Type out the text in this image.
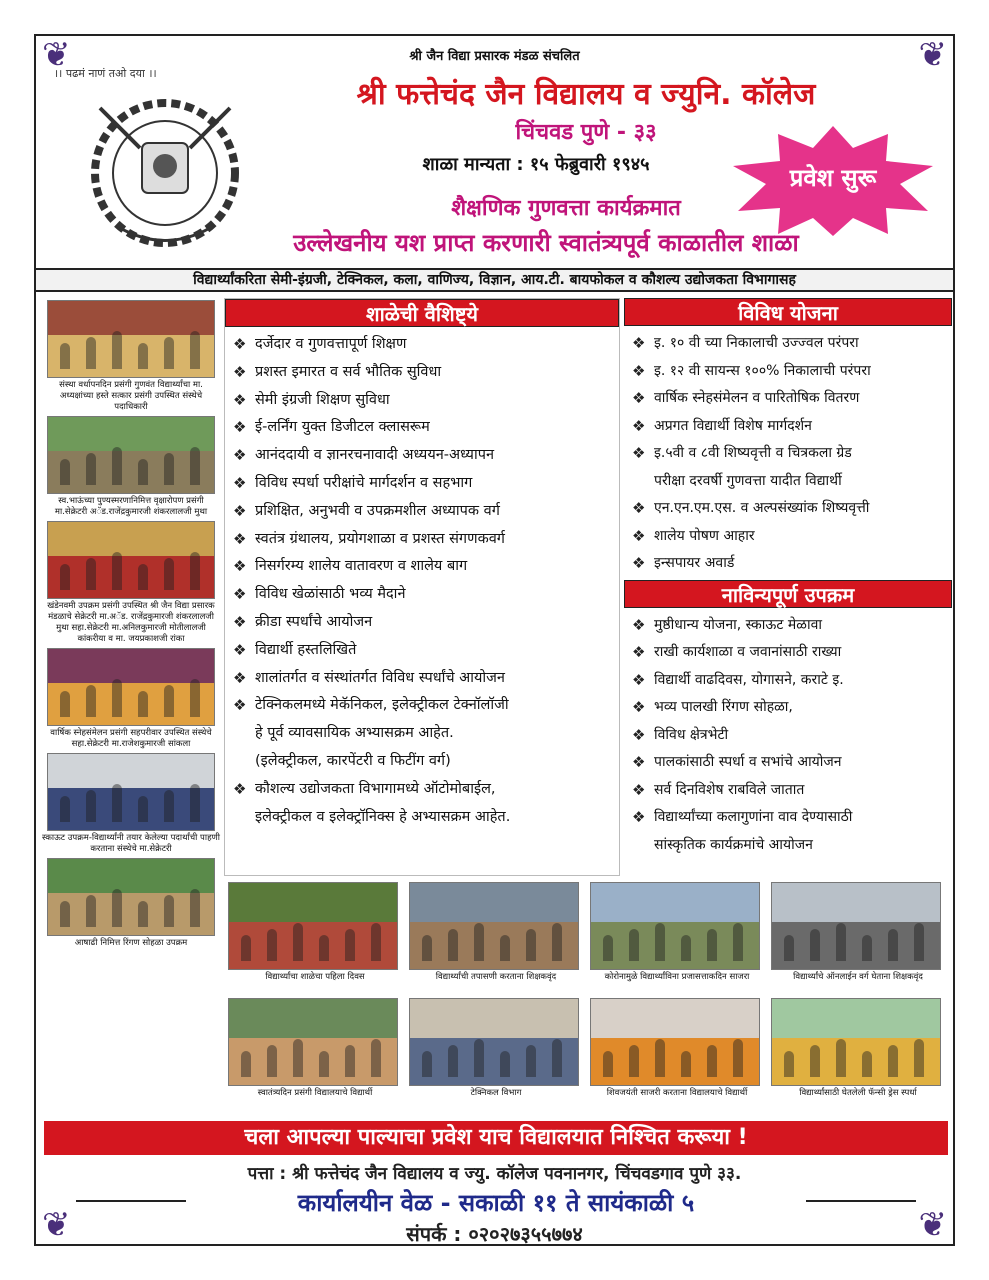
❦	❦
❦	❦
श्री जैन विद्या प्रसारक मंडळ संचलित
।। पढमं नाणं तओ दया ।।
श्री फत्तेचंद जैन विद्यालय व ज्युनि. कॉलेज
चिंचवड पुणे - ३३
शाळा मान्यता : १५ फेब्रुवारी १९४५	प्रवेश सुरू
शैक्षणिक गुणवत्ता कार्यक्रमात
उल्लेखनीय यश प्राप्त करणारी स्वातंत्र्यपूर्व काळातील शाळा
विद्यार्थ्यांकरिता सेमी-इंग्रजी, टेक्निकल, कला, वाणिज्य, विज्ञान, आय.टी. बायफोकल व कौशल्य उद्योजकता विभागासह
संस्था वर्धापनदिन प्रसंगी गुणवंत विद्यार्थ्यांचा मा. अध्यक्षांच्या हस्ते सत्कार प्रसंगी उपस्थित संस्थेचे पदाधिकारी
स्व.भाऊंच्या पुण्यस्मरणानिमित्त वृक्षारोपण प्रसंगी मा.सेक्रेटरी अॅड.राजेंद्रकुमारजी शंकरलालजी मुथा
खंडेनवमी उपक्रम प्रसंगी उपस्थित श्री जैन विद्या प्रसारक मंडळाचे सेक्रेटरी मा.अॅड. राजेंद्रकुमारजी शंकरलालजी मुथा सहा.सेक्रेटरी मा.अनिलकुमारजी मोतीलालजी कांकरीया व मा. जयप्रकाशजी रांका
वार्षिक स्नेहसंमेलन प्रसंगी सहपरीवार उपस्थित संस्थेचे सहा.सेक्रेटरी मा.राजेशकुमारजी सांकला
स्काऊट उपक्रम-विद्यार्थ्यांनी तयार केलेल्या पदार्थांची पाहणी करताना संस्थेचे मा.सेक्रेटरी
आषाढी निमित्त रिंगण सोहळा उपक्रम
शाळेची वैशिष्ट्ये
❖ दर्जेदार व गुणवत्तापूर्ण शिक्षण
❖ प्रशस्त इमारत व सर्व भौतिक सुविधा
❖ सेमी इंग्रजी शिक्षण सुविधा
❖ ई-लर्निंग युक्त डिजीटल क्लासरूम
❖ आनंददायी व ज्ञानरचनावादी अध्ययन-अध्यापन
❖ विविध स्पर्धा परीक्षांचे मार्गदर्शन व सहभाग
❖ प्रशिक्षित, अनुभवी व उपक्रमशील अध्यापक वर्ग
❖ स्वतंत्र ग्रंथालय, प्रयोगशाळा व प्रशस्त संगणकवर्ग
❖ निसर्गरम्य शालेय वातावरण व शालेय बाग
❖ विविध खेळांसाठी भव्य मैदाने
❖ क्रीडा स्पर्धांचे आयोजन
❖ विद्यार्थी हस्तलिखिते
❖ शालांतर्गत व संस्थांतर्गत विविध स्पर्धांचे आयोजन
❖ टेक्निकलमध्ये मेकॅनिकल, इलेक्ट्रीकल टेक्नॉलॉजी
हे पूर्व व्यावसायिक अभ्यासक्रम आहेत.
(इलेक्ट्रीकल, कारपेंटरी व फिटींग वर्ग)
❖ कौशल्य उद्योजकता विभागामध्ये ऑटोमोबाईल,
इलेक्ट्रीकल व इलेक्ट्रॉनिक्स हे अभ्यासक्रम आहेत.
विविध योजना
❖ इ. १० वी च्या निकालाची उज्ज्वल परंपरा
❖ इ. १२ वी सायन्स १००% निकालाची परंपरा
❖ वार्षिक स्नेहसंमेलन व पारितोषिक वितरण
❖ अप्रगत विद्यार्थी विशेष मार्गदर्शन
❖ इ.५वी व ८वी शिष्यवृत्ती व चित्रकला ग्रेड
परीक्षा दरवर्षी गुणवत्ता यादीत विद्यार्थी
❖ एन.एन.एम.एस. व अल्पसंख्यांक शिष्यवृत्ती
❖ शालेय पोषण आहार
❖ इन्सपायर अवार्ड
नाविन्यपूर्ण उपक्रम
❖ मुष्ठीधान्य योजना, स्काऊट मेळावा
❖ राखी कार्यशाळा व जवानांसाठी राख्या
❖ विद्यार्थी वाढदिवस, योगासने, कराटे इ.
❖ भव्य पालखी रिंगण सोहळा,
❖ विविध क्षेत्रभेटी
❖ पालकांसाठी स्पर्धा व सभांचे आयोजन
❖ सर्व दिनविशेष राबविले जातात
❖ विद्यार्थ्यांच्या कलागुणांना वाव देण्यासाठी
सांस्कृतिक कार्यक्रमांचे आयोजन
विद्यार्थ्यांचा शाळेचा पहिला दिवस	विद्यार्थ्यांची तपासणी करताना शिक्षकवृंद	कोरोनामुळे विद्यार्थ्यांविना प्रजासत्ताकदिन साजरा	विद्यार्थ्यांचे ऑनलाईन वर्ग घेताना शिक्षकवृंद
स्वातंत्र्यदिन प्रसंगी विद्यालयाचे विद्यार्थी	टेक्निकल विभाग	शिवजयंती साजरी करताना विद्यालयाचे विद्यार्थी	विद्यार्थ्यांसाठी घेतलेली फॅन्सी ड्रेस स्पर्धा
चला आपल्या पाल्याचा प्रवेश याच विद्यालयात निश्चित करूया !
पत्ता : श्री फत्तेचंद जैन विद्यालय व ज्यु. कॉलेज पवनानगर, चिंचवडगाव पुणे ३३.
कार्यालयीन वेळ - सकाळी ११ ते सायंकाळी ५
संपर्क : ०२०२७३५५७७४
